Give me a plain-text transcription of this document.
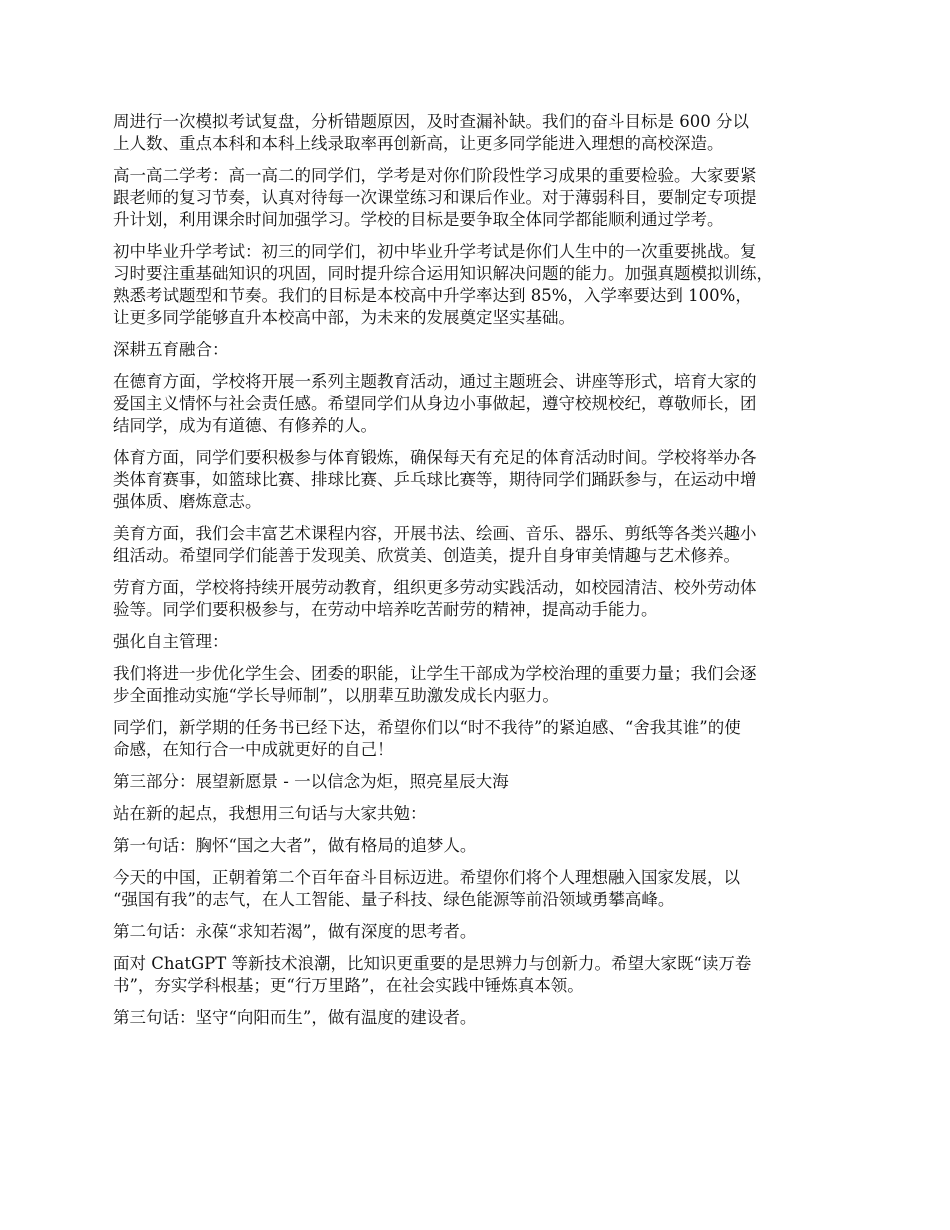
周进行一次模拟考试复盘，分析错题原因，及时查漏补缺。我们的奋斗目标是 600 分以
上人数、重点本科和本科上线录取率再创新高，让更多同学能进入理想的高校深造。

高一高二学考：高一高二的同学们，学考是对你们阶段性学习成果的重要检验。大家要紧
跟老师的复习节奏，认真对待每一次课堂练习和课后作业。对于薄弱科目，要制定专项提
升计划，利用课余时间加强学习。学校的目标是要争取全体同学都能顺利通过学考。

初中毕业升学考试：初三的同学们，初中毕业升学考试是你们人生中的一次重要挑战。复
习时要注重基础知识的巩固，同时提升综合运用知识解决问题的能力。加强真题模拟训练，
熟悉考试题型和节奏。我们的目标是本校高中升学率达到 85%，入学率要达到 100%，
让更多同学能够直升本校高中部，为未来的发展奠定坚实基础。

深耕五育融合：

在德育方面，学校将开展一系列主题教育活动，通过主题班会、讲座等形式，培育大家的
爱国主义情怀与社会责任感。希望同学们从身边小事做起，遵守校规校纪，尊敬师长，团
结同学，成为有道德、有修养的人。

体育方面，同学们要积极参与体育锻炼，确保每天有充足的体育活动时间。学校将举办各
类体育赛事，如篮球比赛、排球比赛、乒乓球比赛等，期待同学们踊跃参与，在运动中增
强体质、磨炼意志。

美育方面，我们会丰富艺术课程内容，开展书法、绘画、音乐、器乐、剪纸等各类兴趣小
组活动。希望同学们能善于发现美、欣赏美、创造美，提升自身审美情趣与艺术修养。

劳育方面，学校将持续开展劳动教育，组织更多劳动实践活动，如校园清洁、校外劳动体
验等。同学们要积极参与，在劳动中培养吃苦耐劳的精神，提高动手能力。

强化自主管理：

我们将进一步优化学生会、团委的职能，让学生干部成为学校治理的重要力量；我们会逐
步全面推动实施“学长导师制”，以朋辈互助激发成长内驱力。

同学们，新学期的任务书已经下达，希望你们以“时不我待”的紧迫感、“舍我其谁”的使
命感，在知行合一中成就更好的自己！

第三部分：展望新愿景 - 一以信念为炬，照亮星辰大海

站在新的起点，我想用三句话与大家共勉：

第一句话：胸怀“国之大者”，做有格局的追梦人。

今天的中国，正朝着第二个百年奋斗目标迈进。希望你们将个人理想融入国家发展，以
“强国有我”的志气，在人工智能、量子科技、绿色能源等前沿领域勇攀高峰。

第二句话：永葆“求知若渴”，做有深度的思考者。

面对 ChatGPT 等新技术浪潮，比知识更重要的是思辨力与创新力。希望大家既“读万卷
书”，夯实学科根基；更“行万里路”，在社会实践中锤炼真本领。

第三句话：坚守“向阳而生”，做有温度的建设者。
